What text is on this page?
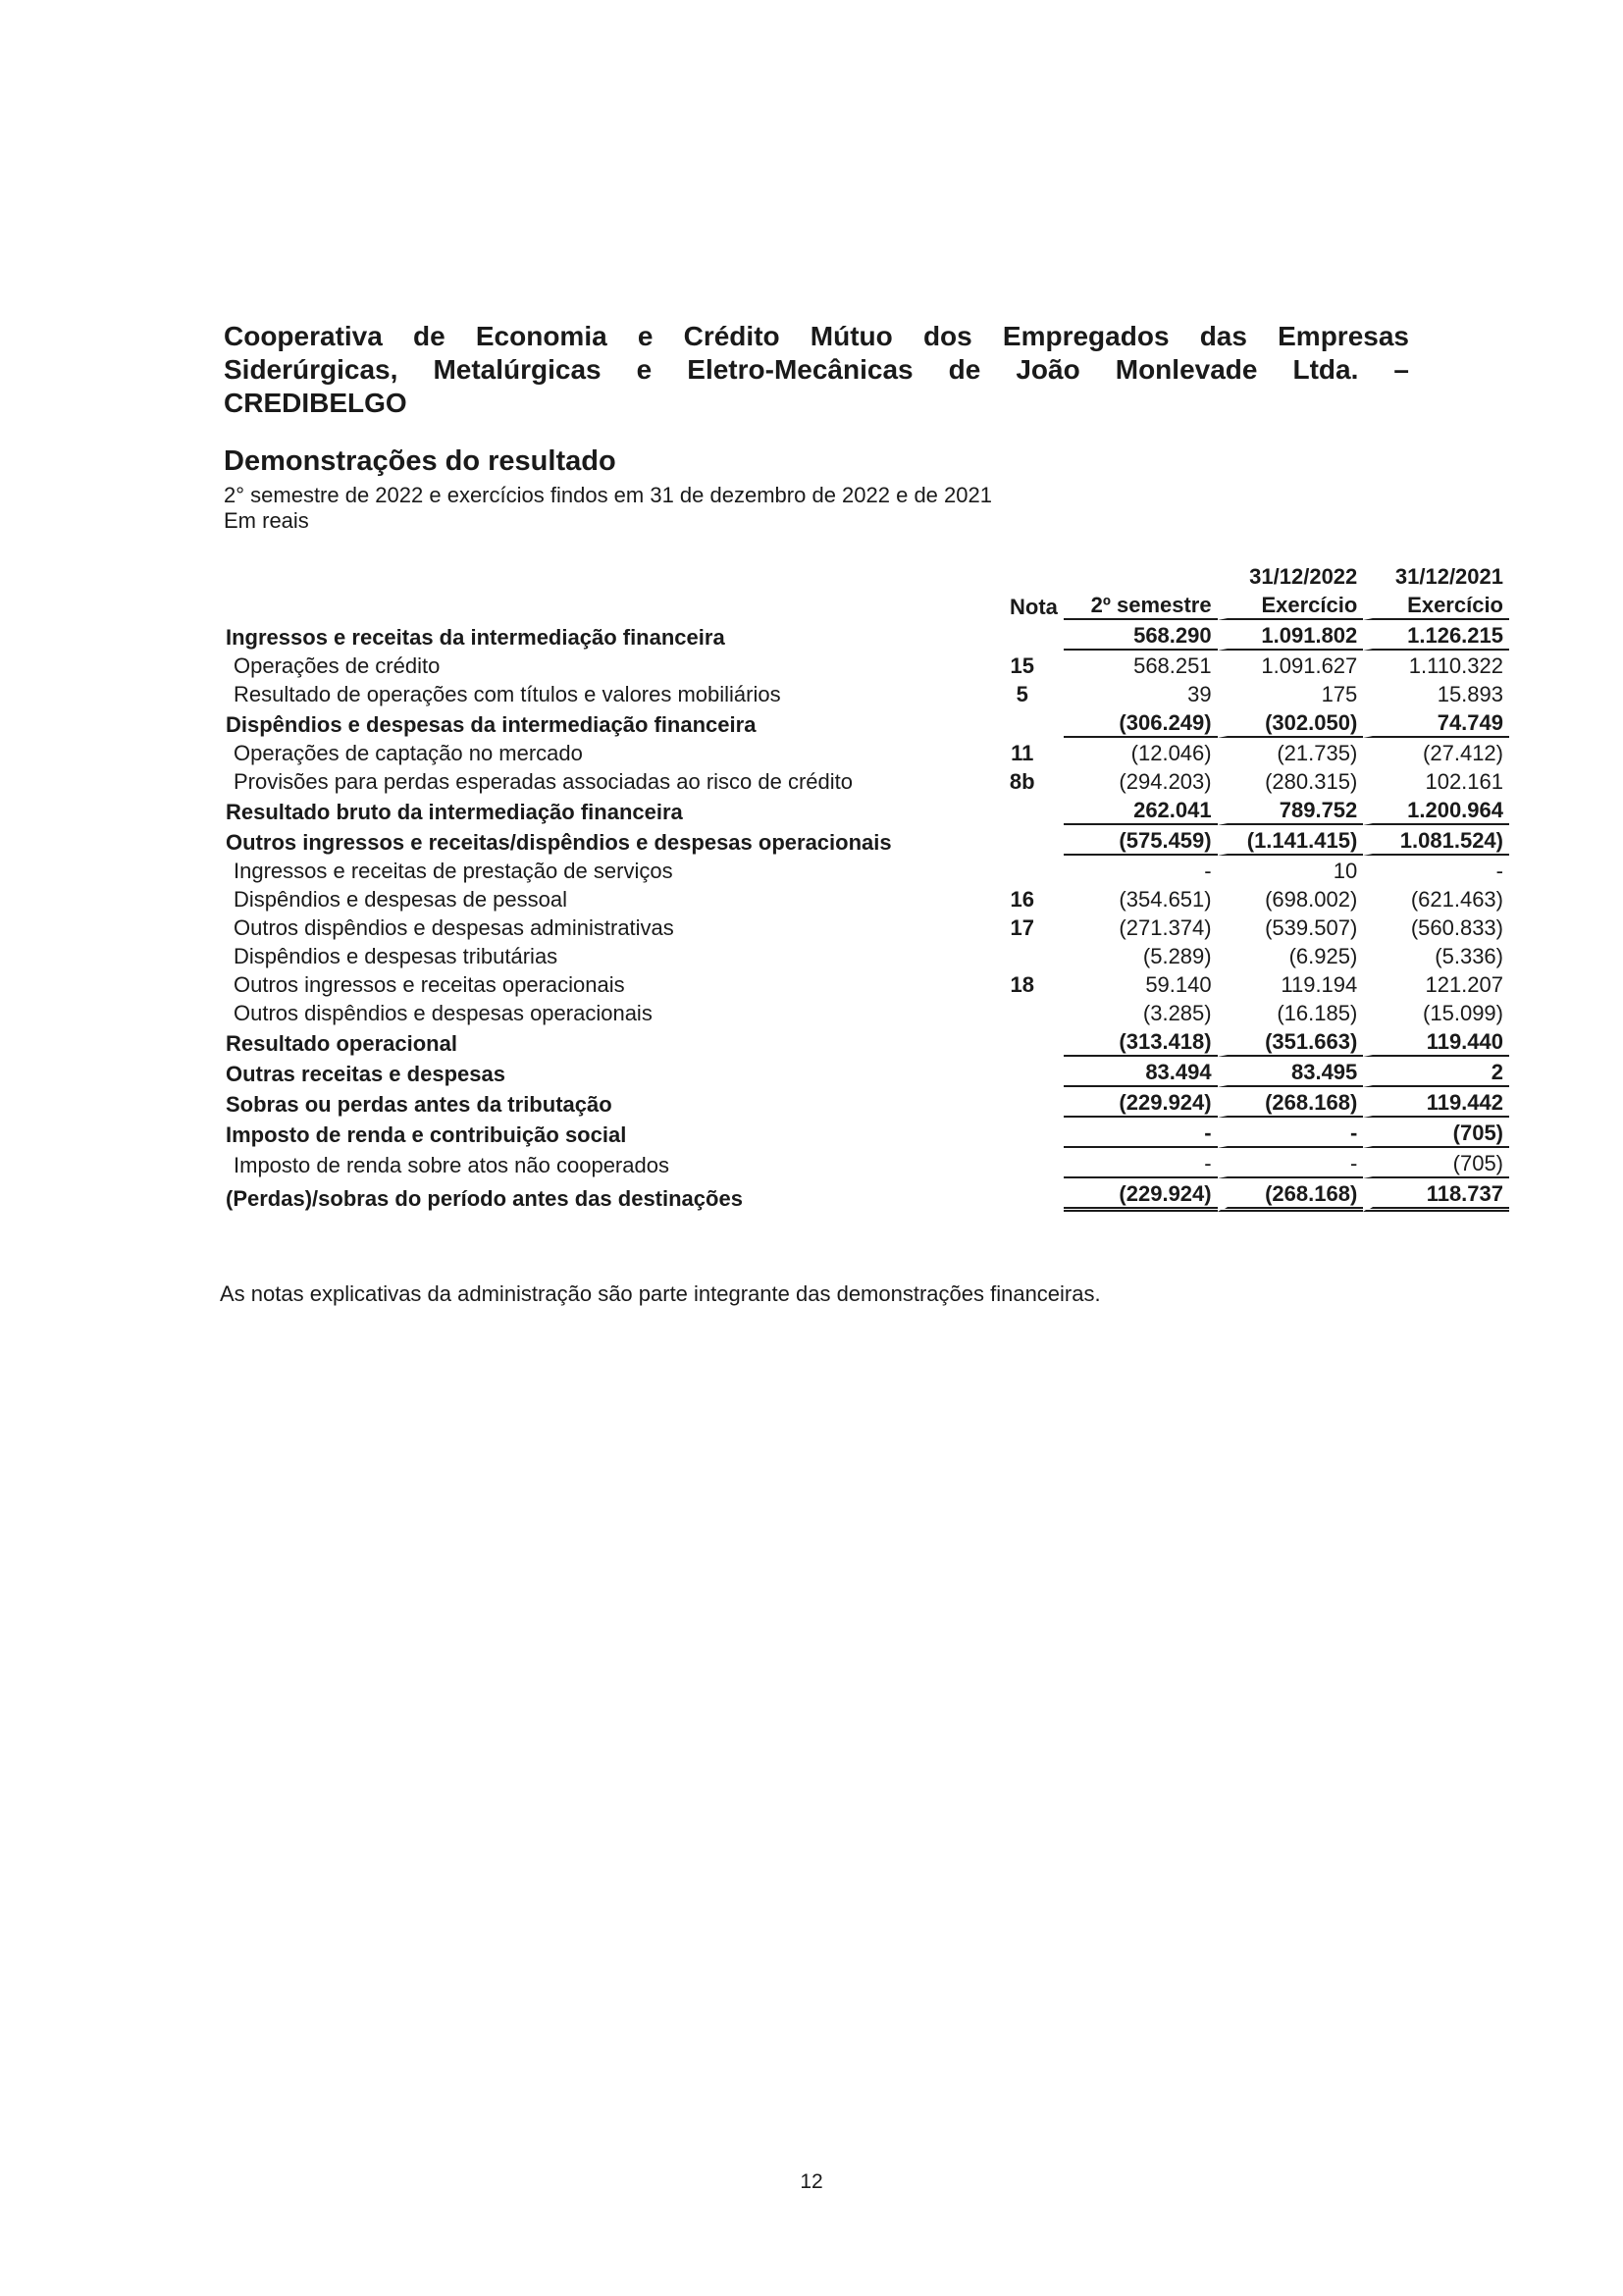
Cooperativa de Economia e Crédito Mútuo dos Empregados das Empresas
Siderúrgicas, Metalúrgicas e Eletro-Mecânicas de João Monlevade Ltda. –
CREDIBELGO
Demonstrações do resultado
2° semestre de 2022 e exercícios findos em 31 de dezembro de 2022 e de 2021
Em reais
				31/12/2022	31/12/2021
	Nota		2º semestre	Exercício	Exercício
Ingressos e receitas da intermediação financeira			568.290	1.091.802	1.126.215
Operações de crédito	15		568.251	1.091.627	1.110.322
Resultado de operações com títulos e valores mobiliários	5		39	175	15.893
Dispêndios e despesas da intermediação financeira			(306.249)	(302.050)	74.749
Operações de captação no mercado	11		(12.046)	(21.735)	(27.412)
Provisões para perdas esperadas associadas ao risco de crédito	8b		(294.203)	(280.315)	102.161
Resultado bruto da intermediação financeira			262.041	789.752	1.200.964
Outros ingressos e receitas/dispêndios e despesas operacionais			(575.459)	(1.141.415)	1.081.524)
Ingressos e receitas de prestação de serviços			-	10	-
Dispêndios e despesas de pessoal	16		(354.651)	(698.002)	(621.463)
Outros dispêndios e despesas administrativas	17		(271.374)	(539.507)	(560.833)
Dispêndios e despesas tributárias			(5.289)	(6.925)	(5.336)
Outros ingressos e receitas operacionais	18		59.140	119.194	121.207
Outros dispêndios e despesas operacionais			(3.285)	(16.185)	(15.099)
Resultado operacional			(313.418)	(351.663)	119.440
Outras receitas e despesas			83.494	83.495	2
Sobras ou perdas antes da tributação			(229.924)	(268.168)	119.442
Imposto de renda e contribuição social			-	-	(705)
Imposto de renda sobre atos não cooperados			-	-	(705)
(Perdas)/sobras do período antes das destinações			(229.924)	(268.168)	118.737
As notas explicativas da administração são parte integrante das demonstrações financeiras.
12
